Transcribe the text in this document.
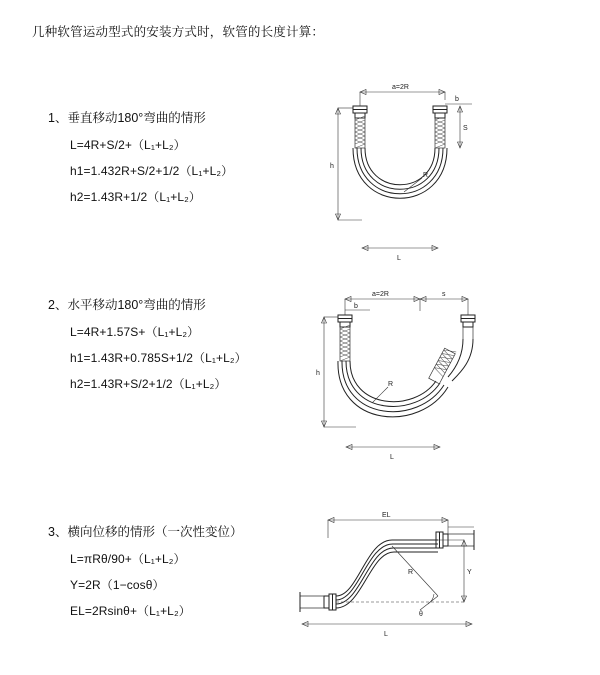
几种软管运动型式的安装方式时，软管的长度计算：

1、垂直移动180°弯曲的情形

L=4R+S/2+（L₁+L₂）

h1=1.432R+S/2+1/2（L₁+L₂）

h2=1.43R+1/2（L₁+L₂）

a=2R
b
S
h
R
L

2、水平移动180°弯曲的情形

L=4R+1.57S+（L₁+L₂）

h1=1.43R+0.785S+1/2（L₁+L₂）

h2=1.43R+S/2+1/2（L₁+L₂）

a=2R	s
b
h
R
L

3、横向位移的情形（一次性变位）

L=πRθ/90+（L₁+L₂）

Y=2R（1−cosθ）

EL=2Rsinθ+（L₁+L₂）

EL
Y
R
θ
L
